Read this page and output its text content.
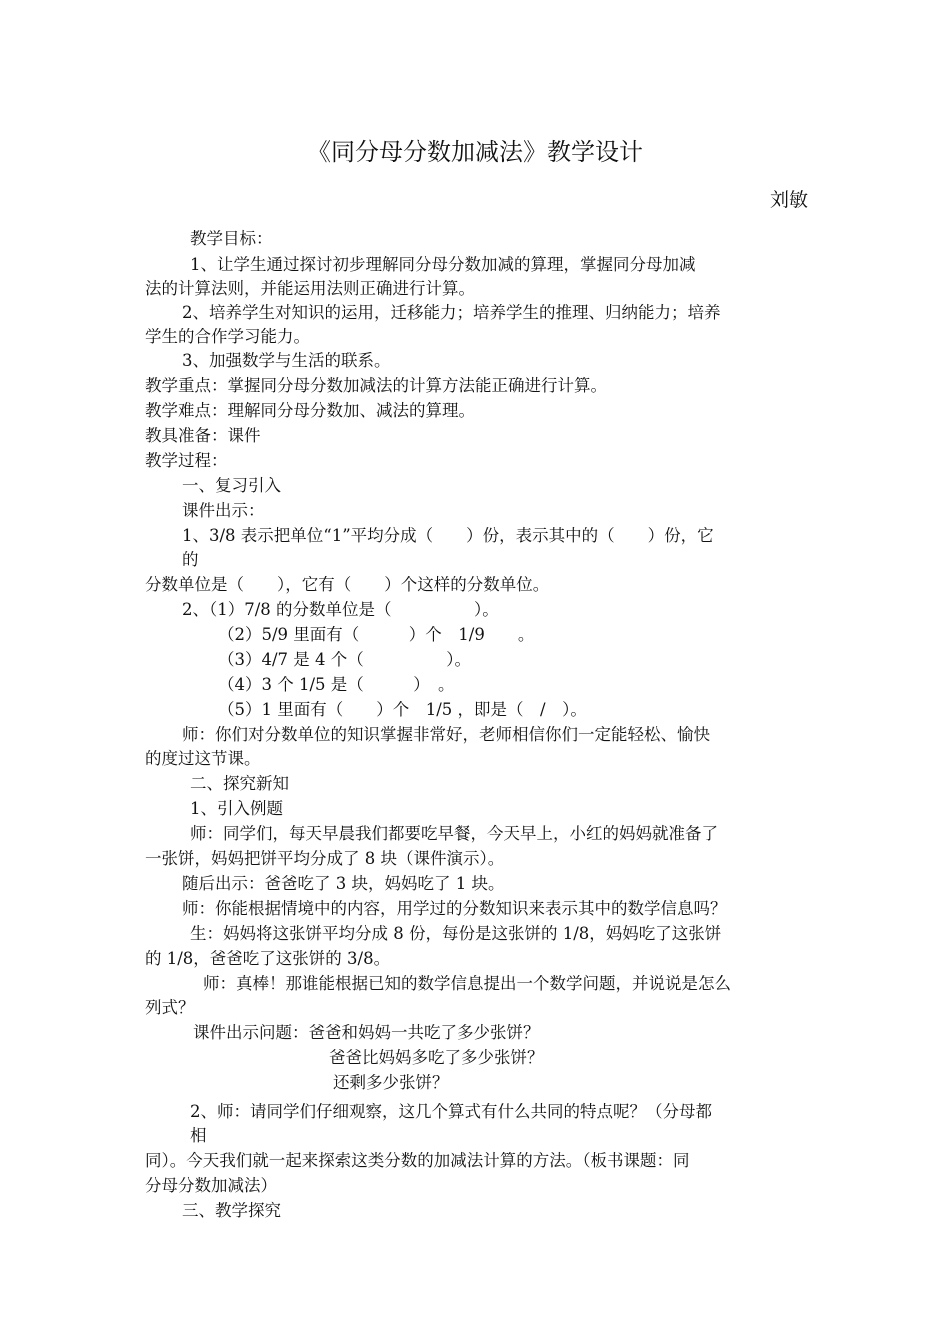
《同分母分数加减法》教学设计
刘敏
教学目标：
1、让学生通过探讨初步理解同分母分数加减的算理，掌握同分母加减
法的计算法则，并能运用法则正确进行计算。
2、培养学生对知识的运用，迁移能力；培养学生的推理、归纳能力；培养
学生的合作学习能力。
3、加强数学与生活的联系。
教学重点：掌握同分母分数加减法的计算方法能正确进行计算。
教学难点：理解同分母分数加、减法的算理。
教具准备：课件
教学过程：
一、复习引入
课件出示：
1、3/8 表示把单位“1”平均分成（　　）份，表示其中的（　　）份，它
的
分数单位是（　　），它有（　　）个这样的分数单位。
2、（1）7/8 的分数单位是（　　　　　）。
（2）5/9 里面有（　　　）个　1/9　　。
（3）4/7 是 4 个（　　　　　）。
（4）3 个 1/5 是（　　　）　。
（5）1 里面有（　　）个　1/5 ，即是（　/　）。
师：你们对分数单位的知识掌握非常好，老师相信你们一定能轻松、愉快
的度过这节课。
二、探究新知
1、引入例题
师：同学们，每天早晨我们都要吃早餐，今天早上，小红的妈妈就准备了
一张饼，妈妈把饼平均分成了 8 块（课件演示）。
随后出示：爸爸吃了 3 块，妈妈吃了 1 块。
师：你能根据情境中的内容，用学过的分数知识来表示其中的数学信息吗？
生：妈妈将这张饼平均分成 8 份，每份是这张饼的 1/8，妈妈吃了这张饼
的 1/8，爸爸吃了这张饼的 3/8。
师：真棒！那谁能根据已知的数学信息提出一个数学问题，并说说是怎么
列式？
课件出示问题：爸爸和妈妈一共吃了多少张饼？
爸爸比妈妈多吃了多少张饼？
还剩多少张饼？
2、师：请同学们仔细观察，这几个算式有什么共同的特点呢？（分母都
相
同）。今天我们就一起来探索这类分数的加减法计算的方法。（板书课题：同
分母分数加减法）
三、教学探究
